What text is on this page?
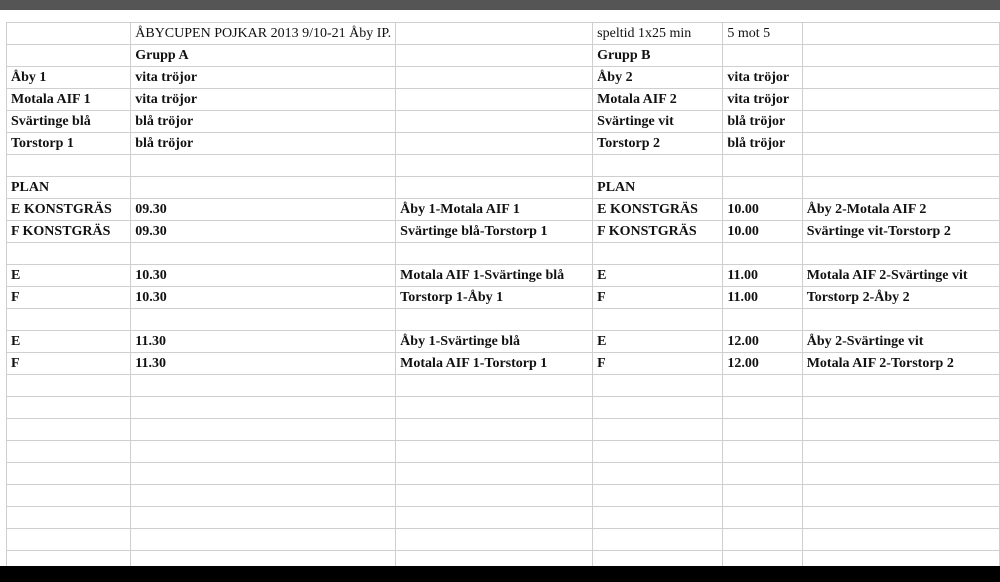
	ÅBYCUPEN POJKAR 2013 9/10-21 Åby IP.		speltid 1x25 min	5 mot 5	
	Grupp A		Grupp B		
Åby 1	vita tröjor		Åby 2	vita tröjor	
Motala AIF 1	vita tröjor		Motala AIF 2	vita tröjor	
Svärtinge blå	blå tröjor		Svärtinge vit	blå tröjor	
Torstorp 1	blå tröjor		Torstorp 2	blå tröjor	

PLAN			PLAN		
E KONSTGRÄS	09.30	Åby 1-Motala AIF 1	E KONSTGRÄS	10.00	Åby 2-Motala AIF 2
F KONSTGRÄS	09.30	Svärtinge blå-Torstorp 1	F KONSTGRÄS	10.00	Svärtinge vit-Torstorp 2

E	10.30	Motala AIF 1-Svärtinge blå	E	11.00	Motala AIF 2-Svärtinge vit
F	10.30	Torstorp 1-Åby 1	F	11.00	Torstorp 2-Åby 2

E	11.30	Åby 1-Svärtinge blå	E	12.00	Åby 2-Svärtinge vit
F	11.30	Motala AIF 1-Torstorp 1	F	12.00	Motala AIF 2-Torstorp 2
